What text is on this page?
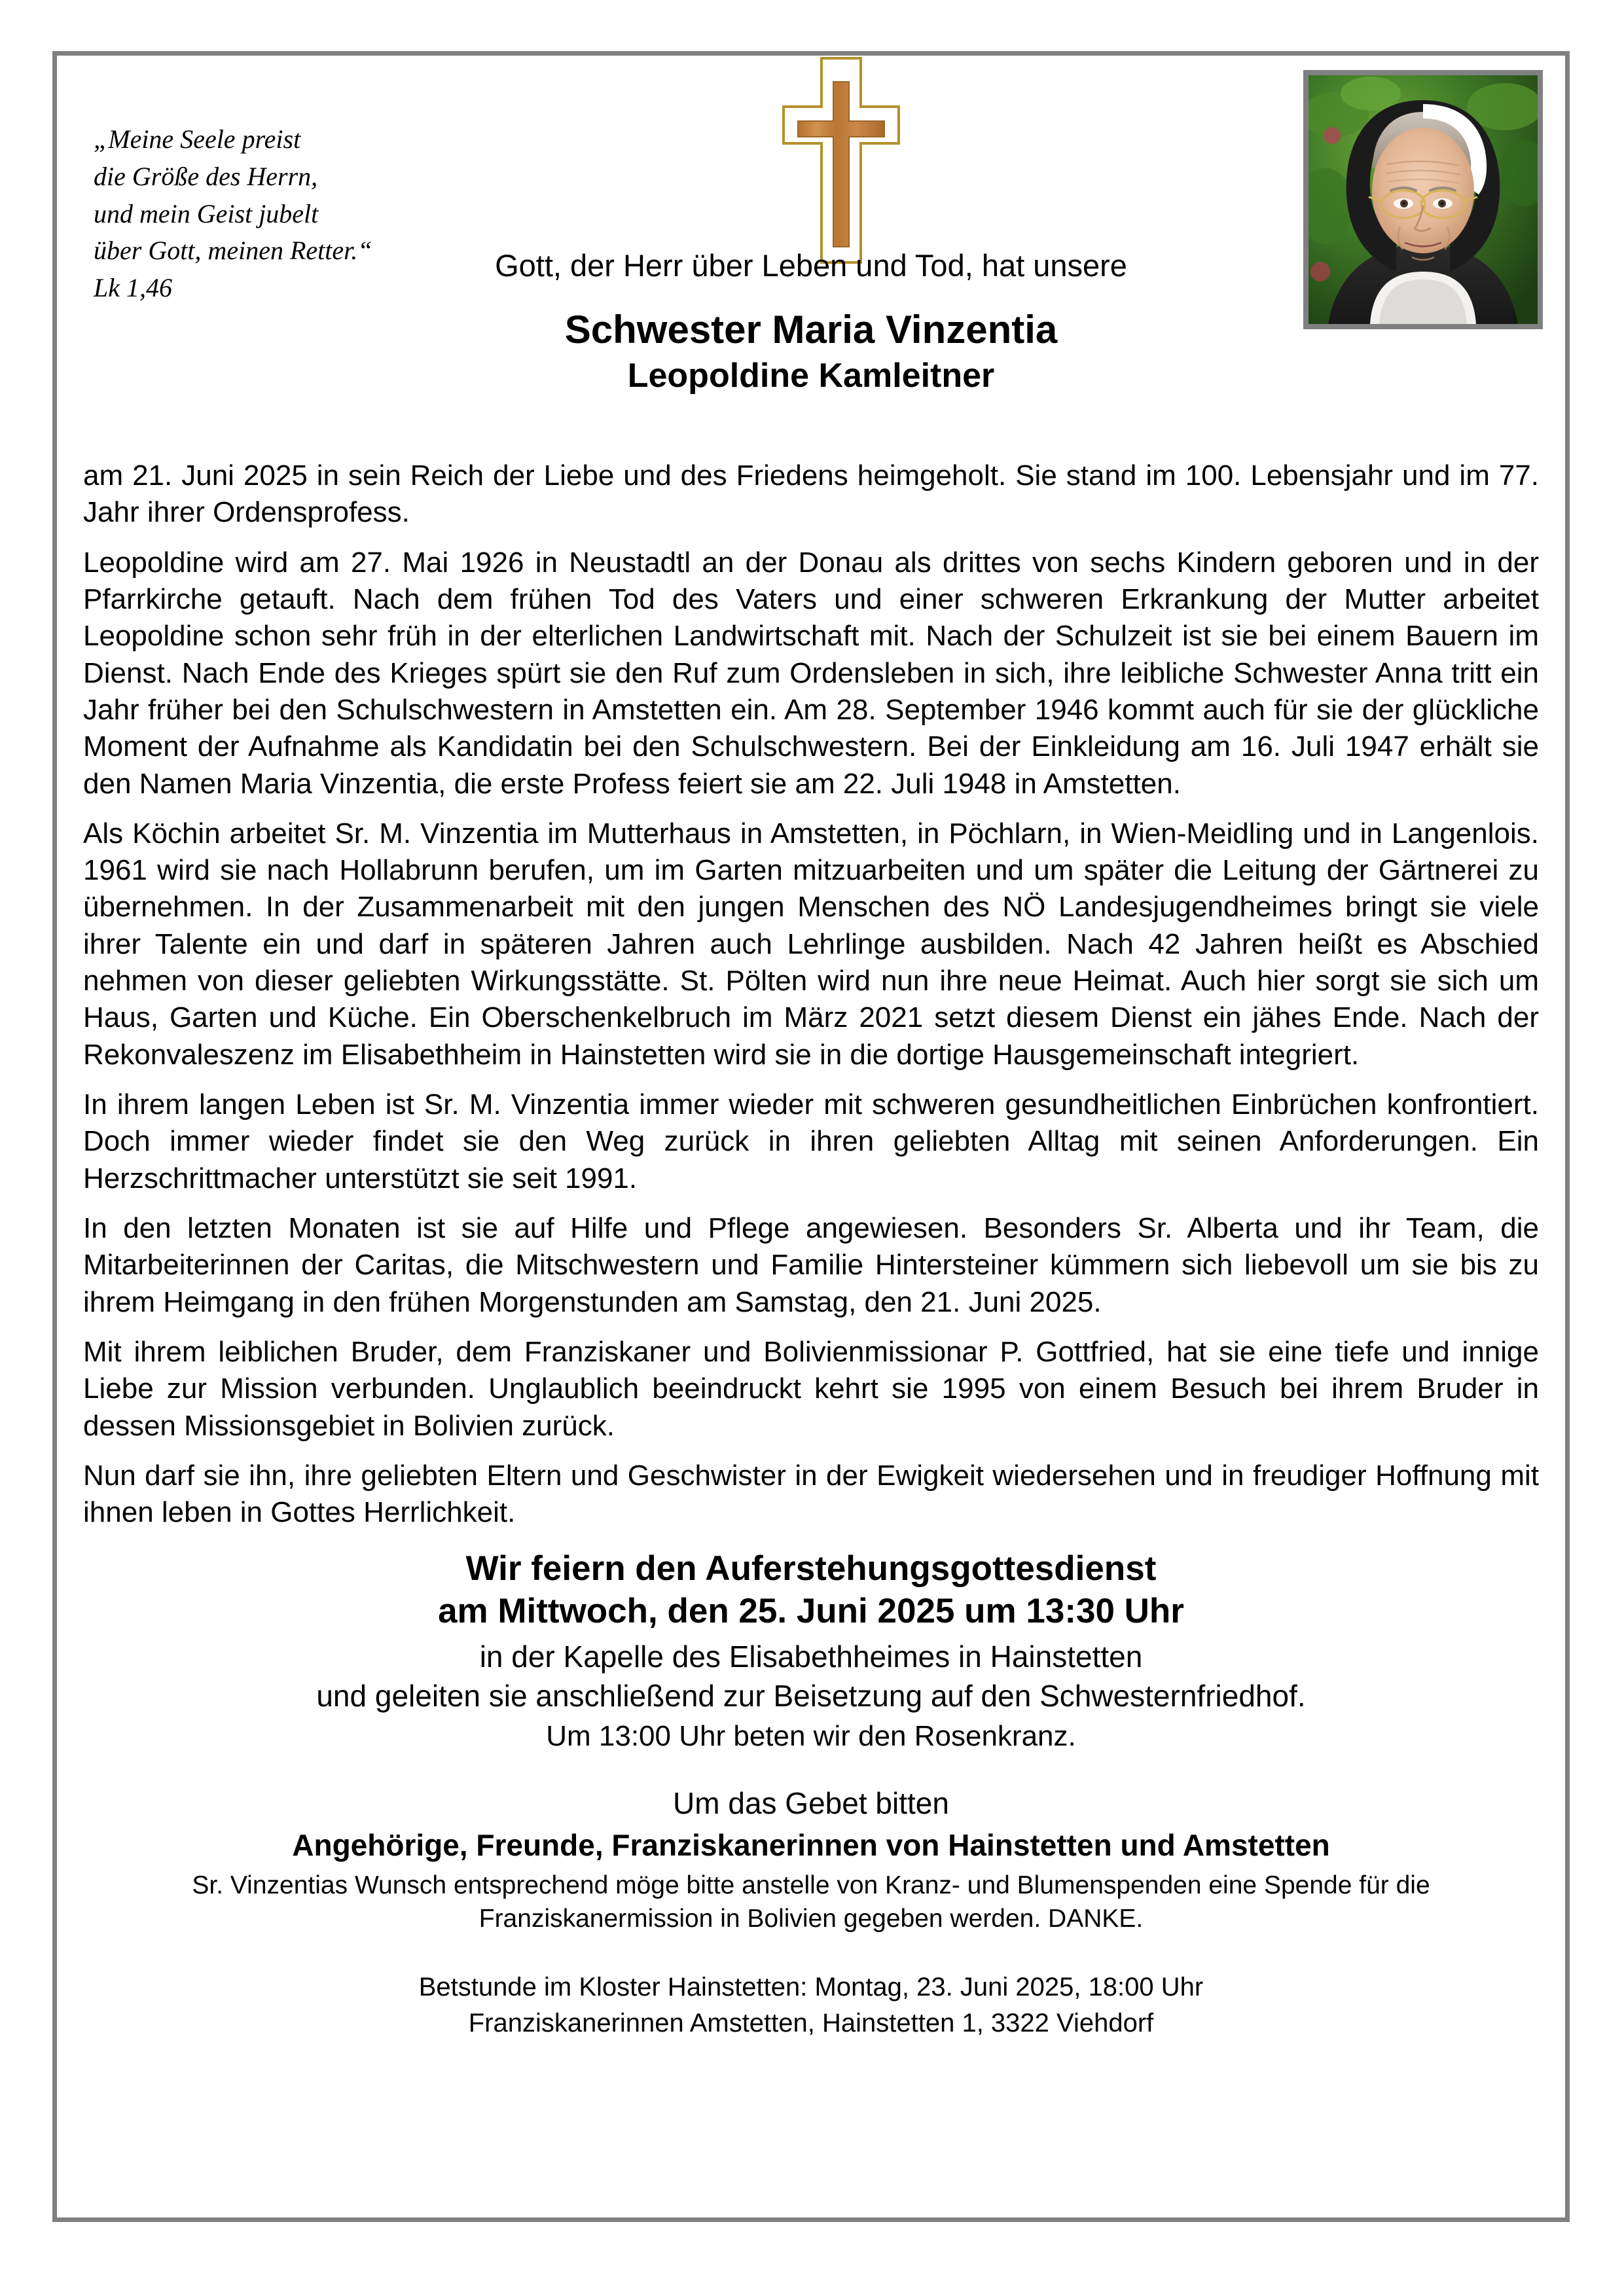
„Meine Seele preist
die Größe des Herrn,
und mein Geist jubelt
über Gott, meinen Retter.“
Lk 1,46
Gott, der Herr über Leben und Tod, hat unsere
Schwester Maria Vinzentia
Leopoldine Kamleitner

am 21. Juni 2025 in sein Reich der Liebe und des Friedens heimgeholt. Sie stand im 100. Lebensjahr und im 77. Jahr ihrer Ordensprofess.

Leopoldine wird am 27. Mai 1926 in Neustadtl an der Donau als drittes von sechs Kindern geboren und in der Pfarrkirche getauft. Nach dem frühen Tod des Vaters und einer schweren Erkrankung der Mutter arbeitet Leopoldine schon sehr früh in der elterlichen Landwirtschaft mit. Nach der Schulzeit ist sie bei einem Bauern im Dienst. Nach Ende des Krieges spürt sie den Ruf zum Ordensleben in sich, ihre leibliche Schwester Anna tritt ein Jahr früher bei den Schulschwestern in Amstetten ein. Am 28. September 1946 kommt auch für sie der glückliche Moment der Aufnahme als Kandidatin bei den Schulschwestern. Bei der Einkleidung am 16. Juli 1947 erhält sie den Namen Maria Vinzentia, die erste Profess feiert sie am 22. Juli 1948 in Amstetten.

Als Köchin arbeitet Sr. M. Vinzentia im Mutterhaus in Amstetten, in Pöchlarn, in Wien-Meidling und in Langenlois. 1961 wird sie nach Hollabrunn berufen, um im Garten mitzuarbeiten und um später die Leitung der Gärtnerei zu übernehmen. In der Zusammenarbeit mit den jungen Menschen des NÖ Landesjugendheimes bringt sie viele ihrer Talente ein und darf in späteren Jahren auch Lehrlinge ausbilden. Nach 42 Jahren heißt es Abschied nehmen von dieser geliebten Wirkungsstätte. St. Pölten wird nun ihre neue Heimat. Auch hier sorgt sie sich um Haus, Garten und Küche. Ein Oberschenkelbruch im März 2021 setzt diesem Dienst ein jähes Ende. Nach der Rekonvaleszenz im Elisabethheim in Hainstetten wird sie in die dortige Hausgemeinschaft integriert.

In ihrem langen Leben ist Sr. M. Vinzentia immer wieder mit schweren gesundheitlichen Einbrüchen konfrontiert. Doch immer wieder findet sie den Weg zurück in ihren geliebten Alltag mit seinen Anforderungen. Ein Herzschrittmacher unterstützt sie seit 1991.

In den letzten Monaten ist sie auf Hilfe und Pflege angewiesen. Besonders Sr. Alberta und ihr Team, die Mitarbeiterinnen der Caritas, die Mitschwestern und Familie Hintersteiner kümmern sich liebevoll um sie bis zu ihrem Heimgang in den frühen Morgenstunden am Samstag, den 21. Juni 2025.

Mit ihrem leiblichen Bruder, dem Franziskaner und Bolivienmissionar P. Gottfried, hat sie eine tiefe und innige Liebe zur Mission verbunden. Unglaublich beeindruckt kehrt sie 1995 von einem Besuch bei ihrem Bruder in dessen Missionsgebiet in Bolivien zurück.

Nun darf sie ihn, ihre geliebten Eltern und Geschwister in der Ewigkeit wiedersehen und in freudiger Hoffnung mit ihnen leben in Gottes Herrlichkeit.

Wir feiern den Auferstehungsgottesdienst
am Mittwoch, den 25. Juni 2025 um 13:30 Uhr
in der Kapelle des Elisabethheimes in Hainstetten
und geleiten sie anschließend zur Beisetzung auf den Schwesternfriedhof.
Um 13:00 Uhr beten wir den Rosenkranz.
Um das Gebet bitten
Angehörige, Freunde, Franziskanerinnen von Hainstetten und Amstetten
Sr. Vinzentias Wunsch entsprechend möge bitte anstelle von Kranz- und Blumenspenden eine Spende für die Franziskanermission in Bolivien gegeben werden. DANKE.
Betstunde im Kloster Hainstetten: Montag, 23. Juni 2025, 18:00 Uhr
Franziskanerinnen Amstetten, Hainstetten 1, 3322 Viehdorf
